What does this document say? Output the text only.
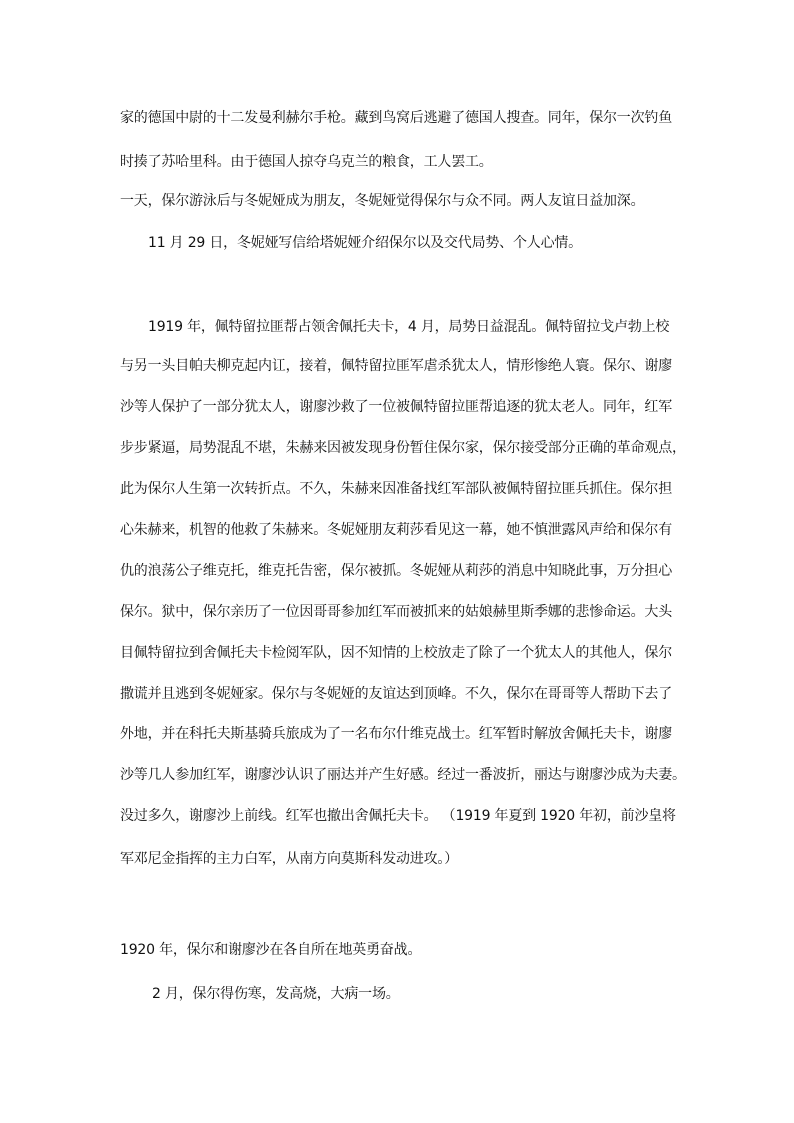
家的德国中尉的十二发曼利赫尔手枪。藏到鸟窝后逃避了德国人搜查。同年，保尔一次钓鱼
时揍了苏哈里科。由于德国人掠夺乌克兰的粮食，工人罢工。
一天，保尔游泳后与冬妮娅成为朋友，冬妮娅觉得保尔与众不同。两人友谊日益加深。
11 月 29 日，冬妮娅写信给塔妮娅介绍保尔以及交代局势、个人心情。
1919 年，佩特留拉匪帮占领舍佩托夫卡，4 月，局势日益混乱。佩特留拉戈卢勃上校
与另一头目帕夫柳克起内讧，接着，佩特留拉匪军虐杀犹太人，情形惨绝人寰。保尔、谢廖
沙等人保护了一部分犹太人，谢廖沙救了一位被佩特留拉匪帮追逐的犹太老人。同年，红军
步步紧逼，局势混乱不堪，朱赫来因被发现身份暂住保尔家，保尔接受部分正确的革命观点，
此为保尔人生第一次转折点。不久，朱赫来因准备找红军部队被佩特留拉匪兵抓住。保尔担
心朱赫来，机智的他救了朱赫来。冬妮娅朋友莉莎看见这一幕，她不慎泄露风声给和保尔有
仇的浪荡公子维克托，维克托告密，保尔被抓。冬妮娅从莉莎的消息中知晓此事，万分担心
保尔。狱中，保尔亲历了一位因哥哥参加红军而被抓来的姑娘赫里斯季娜的悲惨命运。大头
目佩特留拉到舍佩托夫卡检阅军队，因不知情的上校放走了除了一个犹太人的其他人，保尔
撒谎并且逃到冬妮娅家。保尔与冬妮娅的友谊达到顶峰。不久，保尔在哥哥等人帮助下去了
外地，并在科托夫斯基骑兵旅成为了一名布尔什维克战士。红军暂时解放舍佩托夫卡，谢廖
沙等几人参加红军，谢廖沙认识了丽达并产生好感。经过一番波折，丽达与谢廖沙成为夫妻。
没过多久，谢廖沙上前线。红军也撤出舍佩托夫卡。 （1919 年夏到 1920 年初，前沙皇将
军邓尼金指挥的主力白军，从南方向莫斯科发动进攻。）
1920 年，保尔和谢廖沙在各自所在地英勇奋战。
2 月，保尔得伤寒，发高烧，大病一场。
